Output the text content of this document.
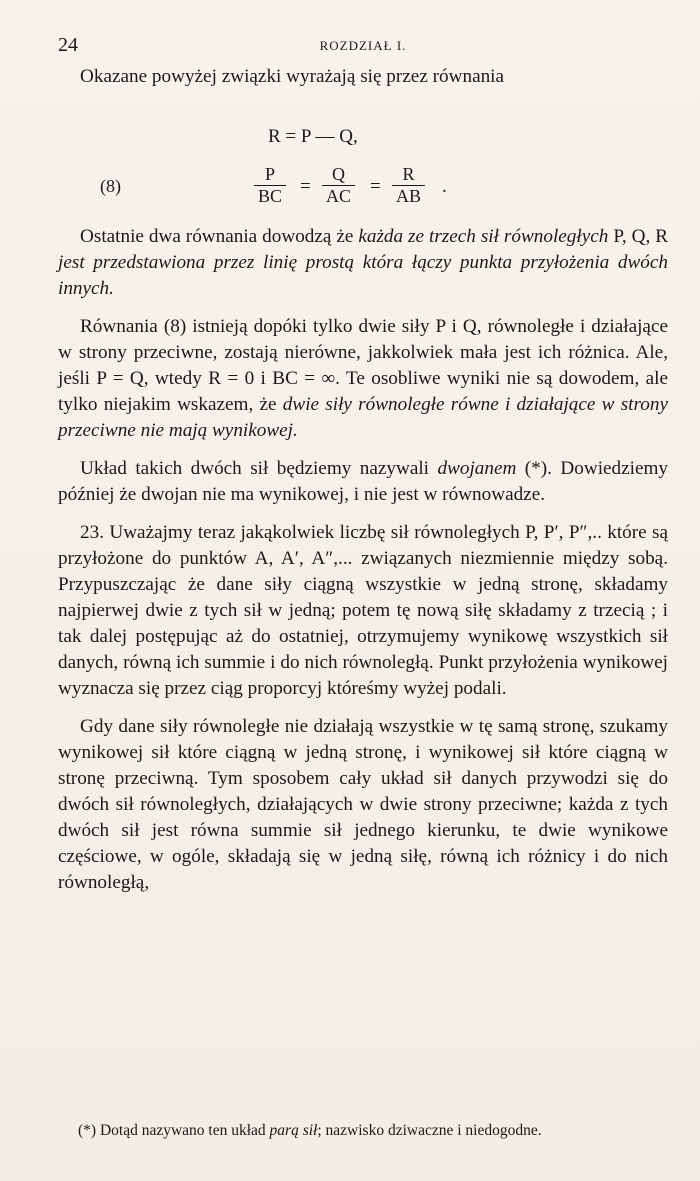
24	ROZDZIAŁ I.

Okazane powyżej związki wyrażają się przez równania

R = P — Q,
(8)	$\frac{P}{BC} = \frac{Q}{AC} = \frac{R}{AB}$ .

Ostatnie dwa równania dowodzą że każda ze trzech sił równoległych P, Q, R jest przedstawiona przez linię prostą która łączy punkta przyłożenia dwóch innych.

Równania (8) istnieją dopóki tylko dwie siły P i Q, równoległe i działające w strony przeciwne, zostają nierówne, jakkolwiek mała jest ich różnica. Ale, jeśli P = Q, wtedy R = 0 i BC = ∞. Te osobliwe wyniki nie są dowodem, ale tylko niejakim wskazem, że dwie siły równoległe równe i działające w strony przeciwne nie mają wynikowej.

Układ takich dwóch sił będziemy nazywali dwojanem (*). Dowiedziemy później że dwojan nie ma wynikowej, i nie jest w równowadze.

23. Uważajmy teraz jakąkolwiek liczbę sił równoległych P, P′, P″,.. które są przyłożone do punktów A, A′, A″,... związanych niezmiennie między sobą. Przypuszczając że dane siły ciągną wszystkie w jedną stronę, składamy najpierwej dwie z tych sił w jedną; potem tę nową siłę składamy z trzecią ; i tak dalej postępując aż do ostatniej, otrzymujemy wynikowę wszystkich sił danych, równą ich summie i do nich równoległą. Punkt przyłożenia wynikowej wyznacza się przez ciąg proporcyj któreśmy wyżej podali.

Gdy dane siły równoległe nie działają wszystkie w tę samą stronę, szukamy wynikowej sił które ciągną w jedną stronę, i wynikowej sił które ciągną w stronę przeciwną. Tym sposobem cały układ sił danych przywodzi się do dwóch sił równoległych, działających w dwie strony przeciwne; każda z tych dwóch sił jest równa summie sił jednego kierunku, te dwie wynikowe częściowe, w ogóle, składają się w jedną siłę, równą ich różnicy i do nich równoległą,

(*) Dotąd nazywano ten układ parą sił; nazwisko dziwaczne i niedogodne.
